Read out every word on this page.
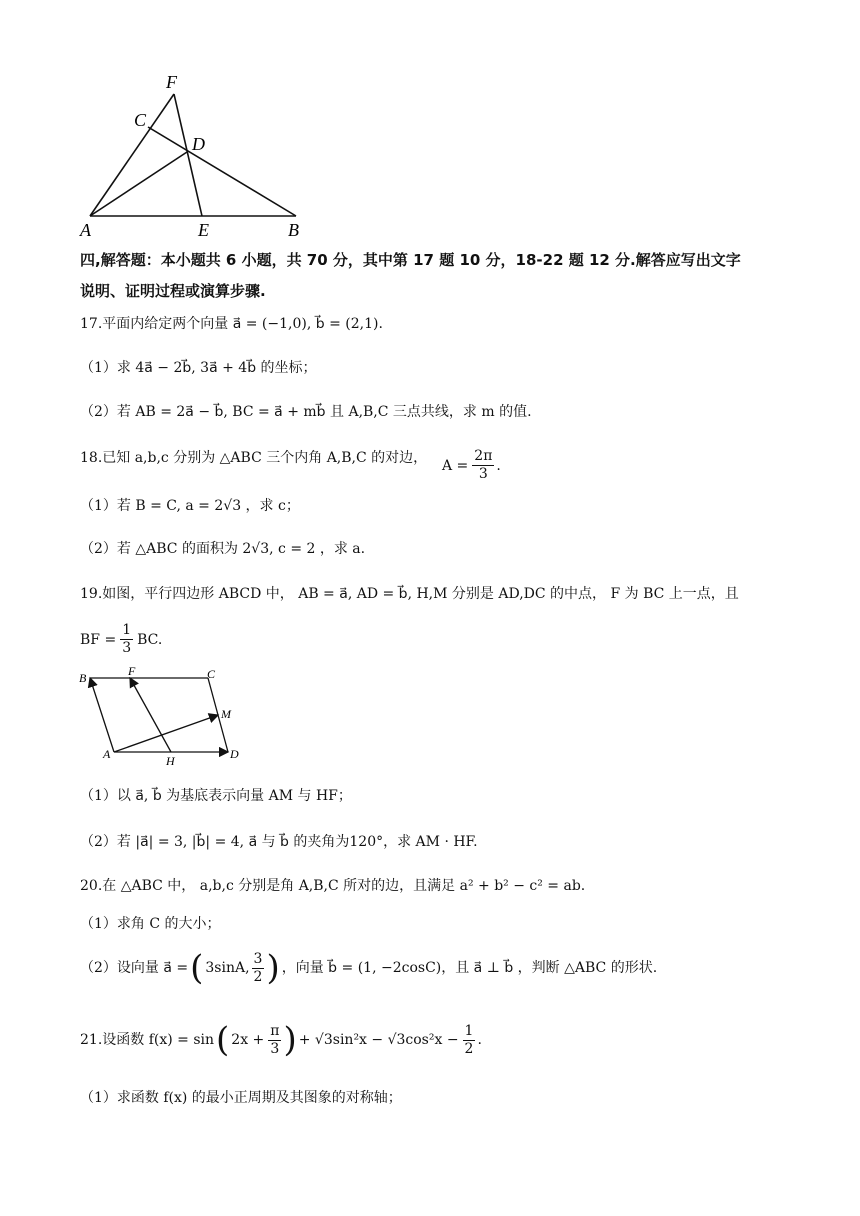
F
C
D
A	E	B
四,解答题：本小题共 6 小题，共 70 分，其中第 17 题 10 分，18-22 题 12 分.解答应写出文字
说明、证明过程或演算步骤.
17.平面内给定两个向量 a⃗ = (−1,0), b⃗ = (2,1).
（1）求 4a⃗ − 2b⃗, 3a⃗ + 4b⃗ 的坐标；
（2）若 AB = 2a⃗ − b⃗, BC = a⃗ + mb⃗ 且 A,B,C 三点共线，求 m 的值.
18.已知 a,b,c 分别为 △ABC 三个内角 A,B,C 的对边， $A = \frac{2\pi}{3}$ .
（1）若 B = C, a = 2√3 ，求 c；
（2）若 △ABC 的面积为 2√3, c = 2 ，求 a.
19.如图，平行四边形 ABCD 中， AB = a⃗, AD = b⃗, H,M 分别是 AD,DC 的中点， F 为 BC 上一点，且
BF = $\frac{1}{3}$ BC.
B	F	C
M
A	H	D
（1）以 a⃗, b⃗ 为基底表示向量 AM 与 HF；
（2）若 |a⃗| = 3, |b⃗| = 4, a⃗ 与 b⃗ 的夹角为120°，求 AM · HF.
20.在 △ABC 中， a,b,c 分别是角 A,B,C 所对的边，且满足 a² + b² − c² = ab.
（1）求角 C 的大小；
（2）设向量 a⃗ = ( 3sinA, $\frac{3}{2}$ ) ，向量 b⃗ = (1, −2cosC)，且 a⃗ ⊥ b⃗ ，判断 △ABC 的形状.
21.设函数 f(x) = sin ( $2x + \frac{\pi}{3}$ ) + $√3\sin^2x - √3\cos^2x - \frac{1}{2}$ .
（1）求函数 f(x) 的最小正周期及其图象的对称轴；
